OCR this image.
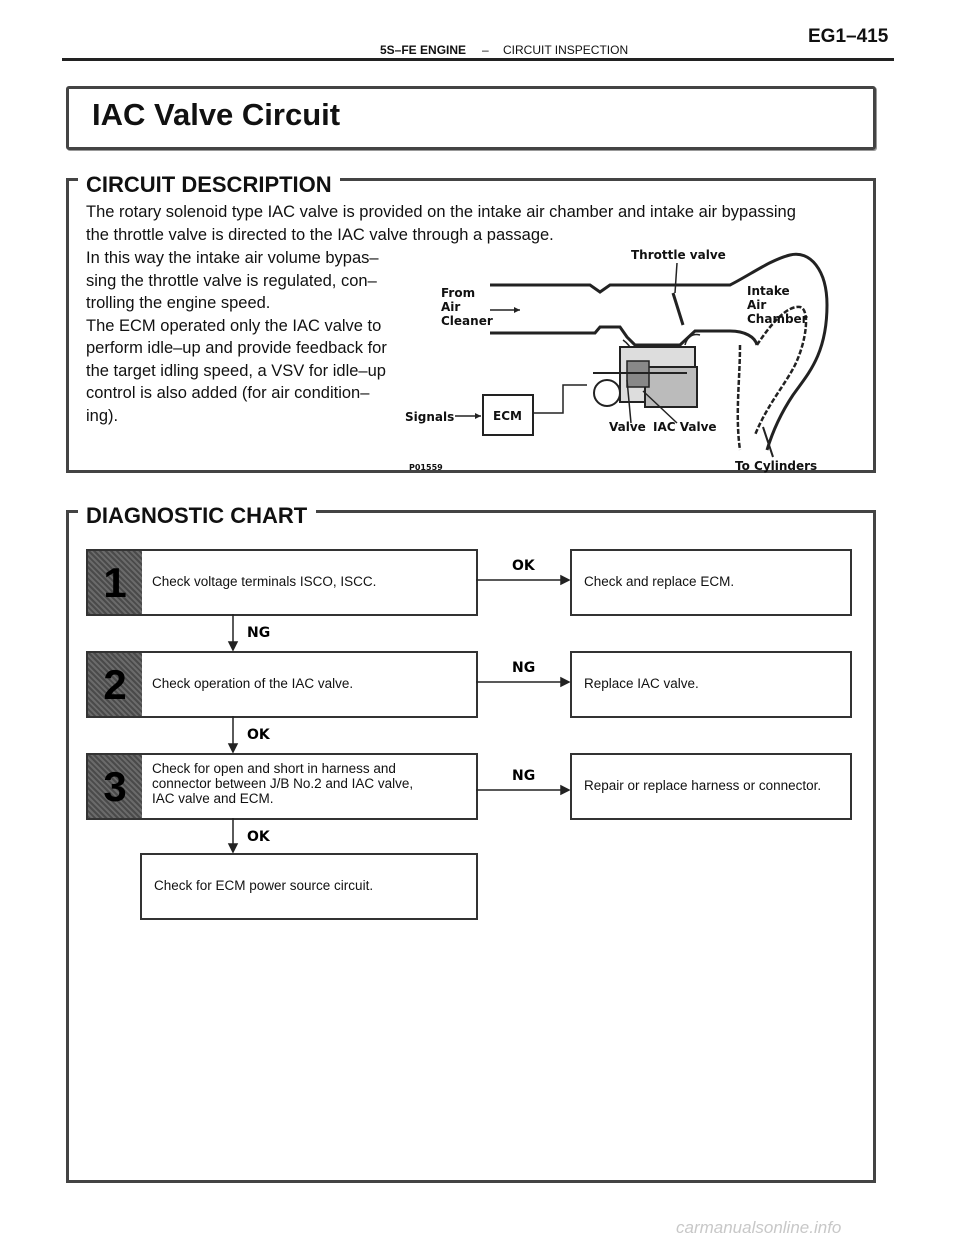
5S–FE ENGINE – CIRCUIT INSPECTION
EG1–415
IAC Valve Circuit
CIRCUIT DESCRIPTION
The rotary solenoid type IAC valve is provided on the intake air chamber and intake air bypassing
the throttle valve is directed to the IAC valve through a passage.
In this way the intake air volume bypas–
sing the throttle valve is regulated, con–
trolling the engine speed.
The ECM operated only the IAC valve to
perform idle–up and provide feedback for
the target idling speed, a VSV for idle–up
control is also added (for air condition–
ing).	ECM
Signals
From
Air
Cleaner
Throttle valve
Intake
Air
Chamber
Valve IAC Valve
To Cylinders
P01559
DIAGNOSTIC CHART
1 Check voltage terminals ISCO, ISCC.	Check and replace ECM.
2 Check operation of the IAC valve.	Replace IAC valve.
3 Check for open and short in harness and
connector between J/B No.2 and IAC valve,
IAC valve and ECM.
Repair or replace harness or connector.
Check for ECM power source circuit.
OK
NG
NG
NG
OK
OK
carmanualsonline.info
